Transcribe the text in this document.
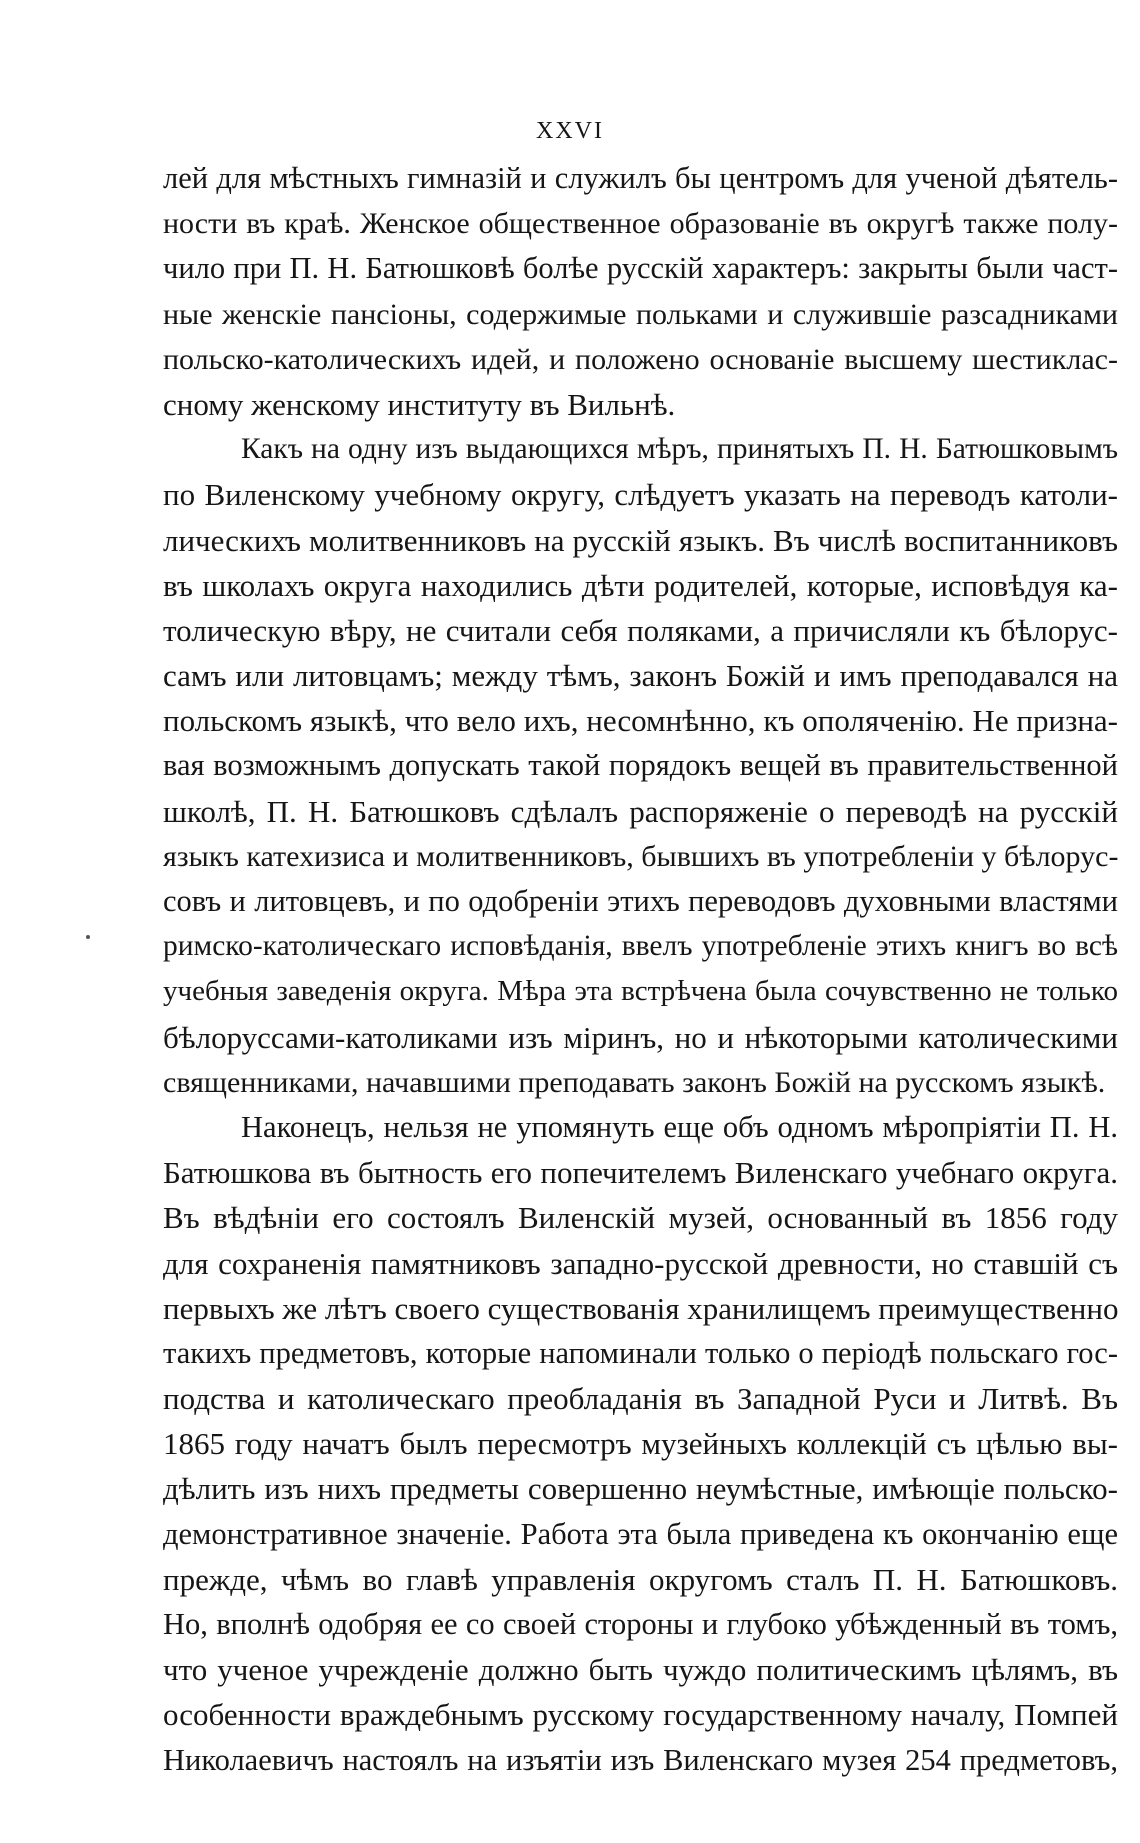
XXVI
лей для мѣстныхъ гимназій и служилъ бы центромъ для ученой дѣятель-
ности въ краѣ. Женское общественное образованіе въ округѣ также полу-
чило при П. Н. Батюшковѣ болѣе русскій характеръ: закрыты были част-
ные женскіе пансіоны, содержимые польками и служившіе разсадниками
польско-католическихъ идей, и положено основаніе высшему шестиклас-
сному женскому институту въ Вильнѣ.
Какъ на одну изъ выдающихся мѣръ, принятыхъ П. Н. Батюшковымъ
по Виленскому учебному округу, слѣдуетъ указать на переводъ католи-
лическихъ молитвенниковъ на русскій языкъ. Въ числѣ воспитанниковъ
въ школахъ округа находились дѣти родителей, которые, исповѣдуя ка-
толическую вѣру, не считали себя поляками, а причисляли къ бѣлорус-
самъ или литовцамъ; между тѣмъ, законъ Божій и имъ преподавался на
польскомъ языкѣ, что вело ихъ, несомнѣнно, къ ополяченію. Не призна-
вая возможнымъ допускать такой порядокъ вещей въ правительственной
школѣ, П. Н. Батюшковъ сдѣлалъ распоряженіе о переводѣ на русскій
языкъ катехизиса и молитвенниковъ, бывшихъ въ употребленіи у бѣлорус-
совъ и литовцевъ, и по одобреніи этихъ переводовъ духовными властями
римско-католическаго исповѣданія, ввелъ употребленіе этихъ книгъ во всѣ
учебныя заведенія округа. Мѣра эта встрѣчена была сочувственно не только
бѣлоруссами-католиками изъ міринъ, но и нѣкоторыми католическими
священниками, начавшими преподавать законъ Божій на русскомъ языкѣ.
Наконецъ, нельзя не упомянуть еще объ одномъ мѣропріятіи П. Н.
Батюшкова въ бытность его попечителемъ Виленскаго учебнаго округа.
Въ вѣдѣніи его состоялъ Виленскій музей, основанный въ 1856 году
для сохраненія памятниковъ западно-русской древности, но ставшій съ
первыхъ же лѣтъ своего существованія хранилищемъ преимущественно
такихъ предметовъ, которые напоминали только о періодѣ польскаго гос-
подства и католическаго преобладанія въ Западной Руси и Литвѣ. Въ
1865 году начатъ былъ пересмотръ музейныхъ коллекцій съ цѣлью вы-
дѣлить изъ нихъ предметы совершенно неумѣстные, имѣющіе польско-
демонстративное значеніе. Работа эта была приведена къ окончанію еще
прежде, чѣмъ во главѣ управленія округомъ сталъ П. Н. Батюшковъ.
Но, вполнѣ одобряя ее со своей стороны и глубоко убѣжденный въ томъ,
что ученое учрежденіе должно быть чуждо политическимъ цѣлямъ, въ
особенности враждебнымъ русскому государственному началу, Помпей
Николаевичъ настоялъ на изъятіи изъ Виленскаго музея 254 предметовъ,
